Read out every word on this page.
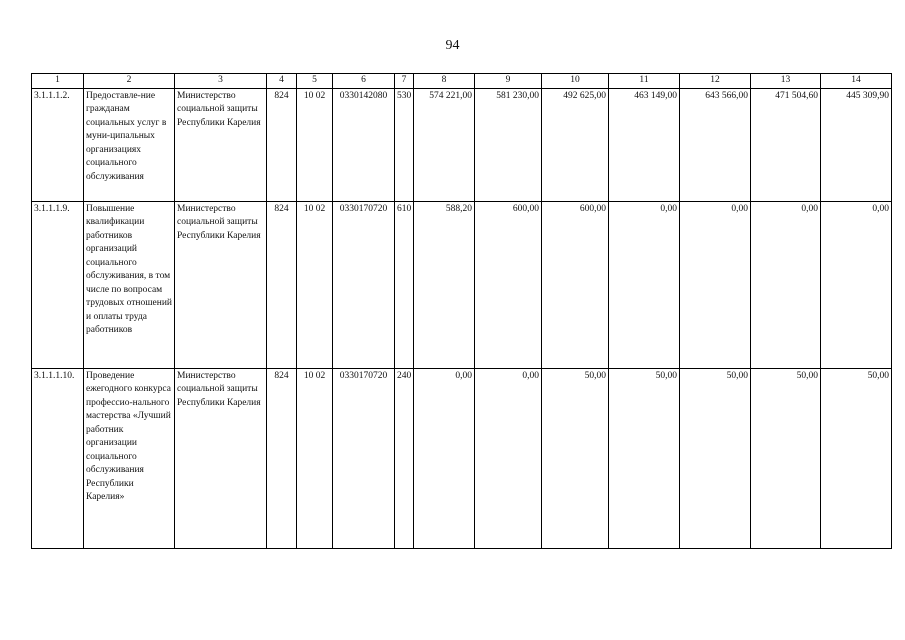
94
1	2	3	4	5	6	7	8	9	10	11	12	13	14
3.1.1.1.2.	Предоставле-ние гражданам социальных услуг в муни-ципальных организациях социального обслуживания	Министерство социальной защиты Республики Карелия	824	10 02	0330142080	530	574 221,00	581 230,00	492 625,00	463 149,00	643 566,00	471 504,60	445 309,90
3.1.1.1.9.	Повышение квалификации работников организаций социального обслуживания, в том числе по вопросам трудовых отношений и оплаты труда работников	Министерство социальной защиты Республики Карелия	824	10 02	0330170720	610	588,20	600,00	600,00	0,00	0,00	0,00	0,00
3.1.1.1.10.	Проведение ежегодного конкурса профессио-нального мастерства «Лучший работник организации социального обслуживания Республики Карелия»	Министерство социальной защиты Республики Карелия	824	10 02	0330170720	240	0,00	0,00	50,00	50,00	50,00	50,00	50,00
